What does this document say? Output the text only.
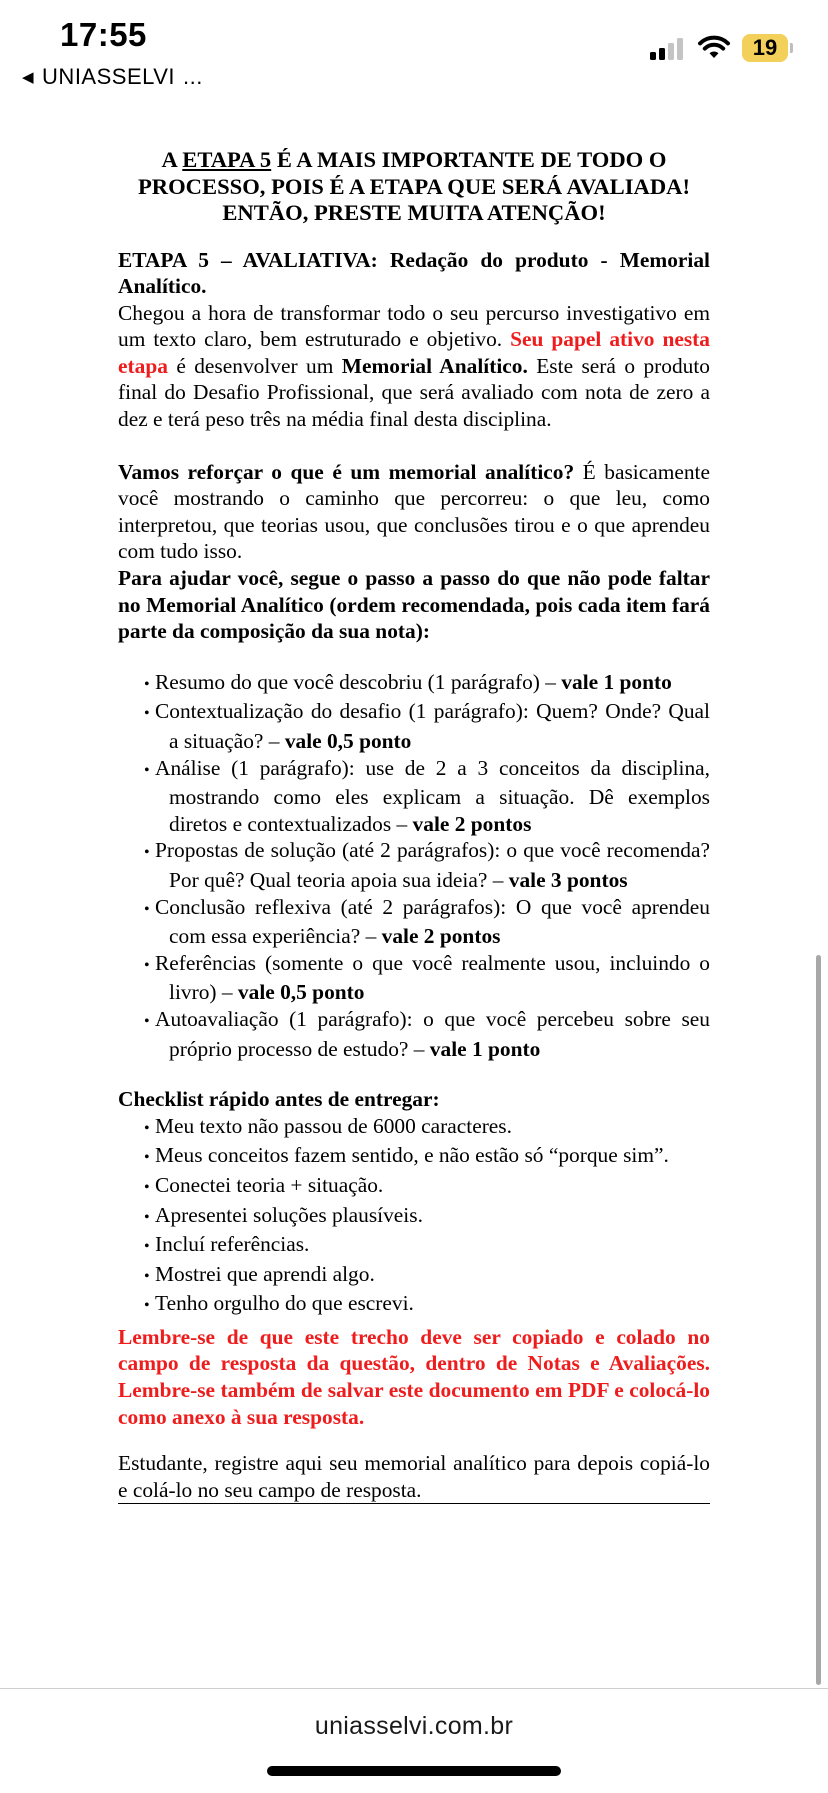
17:55
◀ UNIASSELVI ...
19

A ETAPA 5 É A MAIS IMPORTANTE DE TODO O PROCESSO, POIS É A ETAPA QUE SERÁ AVALIADA! ENTÃO, PRESTE MUITA ATENÇÃO!

ETAPA 5 – AVALIATIVA: Redação do produto - Memorial Analítico.

Chegou a hora de transformar todo o seu percurso investigativo em um texto claro, bem estruturado e objetivo. Seu papel ativo nesta etapa é desenvolver um Memorial Analítico. Este será o produto final do Desafio Profissional, que será avaliado com nota de zero a dez e terá peso três na média final desta disciplina.

Vamos reforçar o que é um memorial analítico? É basicamente você mostrando o caminho que percorreu: o que leu, como interpretou, que teorias usou, que conclusões tirou e o que aprendeu com tudo isso.

Para ajudar você, segue o passo a passo do que não pode faltar no Memorial Analítico (ordem recomendada, pois cada item fará parte da composição da sua nota):

• Resumo do que você descobriu (1 parágrafo) – vale 1 ponto
• Contextualização do desafio (1 parágrafo): Quem? Onde? Qual a situação? – vale 0,5 ponto
• Análise (1 parágrafo): use de 2 a 3 conceitos da disciplina, mostrando como eles explicam a situação. Dê exemplos diretos e contextualizados – vale 2 pontos
• Propostas de solução (até 2 parágrafos): o que você recomenda? Por quê? Qual teoria apoia sua ideia? – vale 3 pontos
• Conclusão reflexiva (até 2 parágrafos): O que você aprendeu com essa experiência? – vale 2 pontos
• Referências (somente o que você realmente usou, incluindo o livro) – vale 0,5 ponto
• Autoavaliação (1 parágrafo): o que você percebeu sobre seu próprio processo de estudo? – vale 1 ponto

Checklist rápido antes de entregar:

• Meu texto não passou de 6000 caracteres.
• Meus conceitos fazem sentido, e não estão só “porque sim”.
• Conectei teoria + situação.
• Apresentei soluções plausíveis.
• Incluí referências.
• Mostrei que aprendi algo.
• Tenho orgulho do que escrevi.

Lembre-se de que este trecho deve ser copiado e colado no campo de resposta da questão, dentro de Notas e Avaliações. Lembre-se também de salvar este documento em PDF e colocá-lo como anexo à sua resposta.

Estudante, registre aqui seu memorial analítico para depois copiá-lo e colá-lo no seu campo de resposta.

uniasselvi.com.br
